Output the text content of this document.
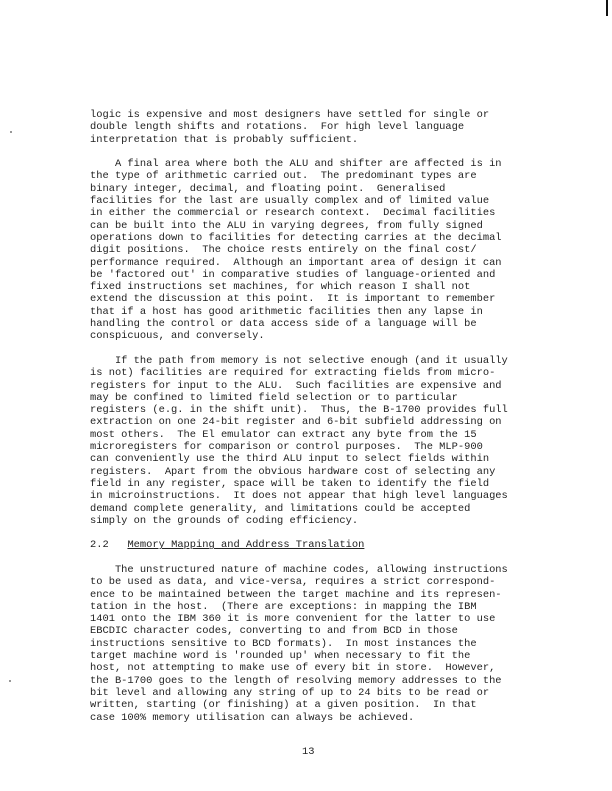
logic is expensive and most designers have settled for single or
double length shifts and rotations.  For high level language
interpretation that is probably sufficient.
A final area where both the ALU and shifter are affected is in
the type of arithmetic carried out.  The predominant types are
binary integer, decimal, and floating point.  Generalised
facilities for the last are usually complex and of limited value
in either the commercial or research context.  Decimal facilities
can be built into the ALU in varying degrees, from fully signed
operations down to facilities for detecting carries at the decimal
digit positions.  The choice rests entirely on the final cost/
performance required.  Although an important area of design it can
be 'factored out' in comparative studies of language-oriented and
fixed instructions set machines, for which reason I shall not
extend the discussion at this point.  It is important to remember
that if a host has good arithmetic facilities then any lapse in
handling the control or data access side of a language will be
conspicuous, and conversely.
If the path from memory is not selective enough (and it usually
is not) facilities are required for extracting fields from micro-
registers for input to the ALU.  Such facilities are expensive and
may be confined to limited field selection or to particular
registers (e.g. in the shift unit).  Thus, the B-1700 provides full
extraction on one 24-bit register and 6-bit subfield addressing on
most others.  The El emulator can extract any byte from the 15
microregisters for comparison or control purposes.  The MLP-900
can conveniently use the third ALU input to select fields within
registers.  Apart from the obvious hardware cost of selecting any
field in any register, space will be taken to identify the field
in microinstructions.  It does not appear that high level languages
demand complete generality, and limitations could be accepted
simply on the grounds of coding efficiency.
2.2 Memory Mapping and Address Translation
The unstructured nature of machine codes, allowing instructions
to be used as data, and vice-versa, requires a strict correspond-
ence to be maintained between the target machine and its represen-
tation in the host.  (There are exceptions: in mapping the IBM
1401 onto the IBM 360 it is more convenient for the latter to use
EBCDIC character codes, converting to and from BCD in those
instructions sensitive to BCD formats).  In most instances the
target machine word is 'rounded up' when necessary to fit the
host, not attempting to make use of every bit in store.  However,
the B-1700 goes to the length of resolving memory addresses to the
bit level and allowing any string of up to 24 bits to be read or
written, starting (or finishing) at a given position.  In that
case 100% memory utilisation can always be achieved.
13
